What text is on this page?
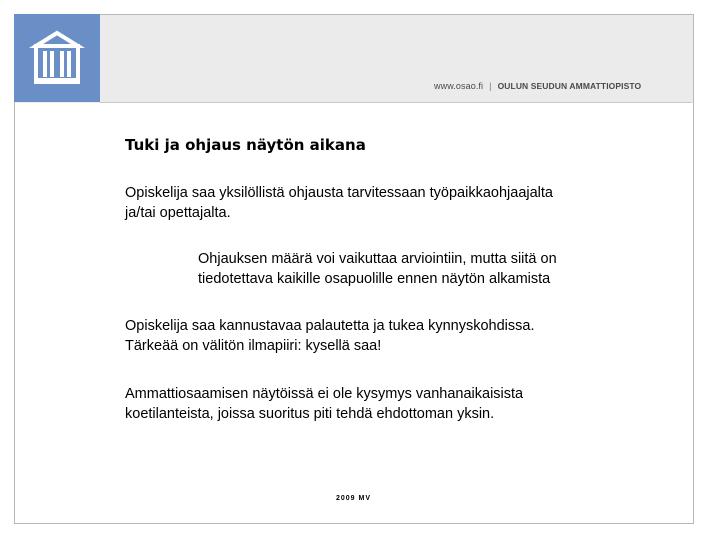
www.osao.fi | OULUN SEUDUN AMMATTIOPISTO
Tuki ja ohjaus näytön aikana
Opiskelija saa yksilöllistä ohjausta tarvitessaan työpaikkaohjaajalta
ja/tai opettajalta.
Ohjauksen määrä voi vaikuttaa arviointiin, mutta siitä on
tiedotettava kaikille osapuolille ennen näytön alkamista
Opiskelija saa kannustavaa palautetta ja tukea kynnyskohdissa.
Tärkeää on välitön ilmapiiri: kysellä saa!
Ammattiosaamisen näytöissä ei ole kysymys vanhanaikaisista
koetilanteista, joissa suoritus piti tehdä ehdottoman yksin.
2009 MV
